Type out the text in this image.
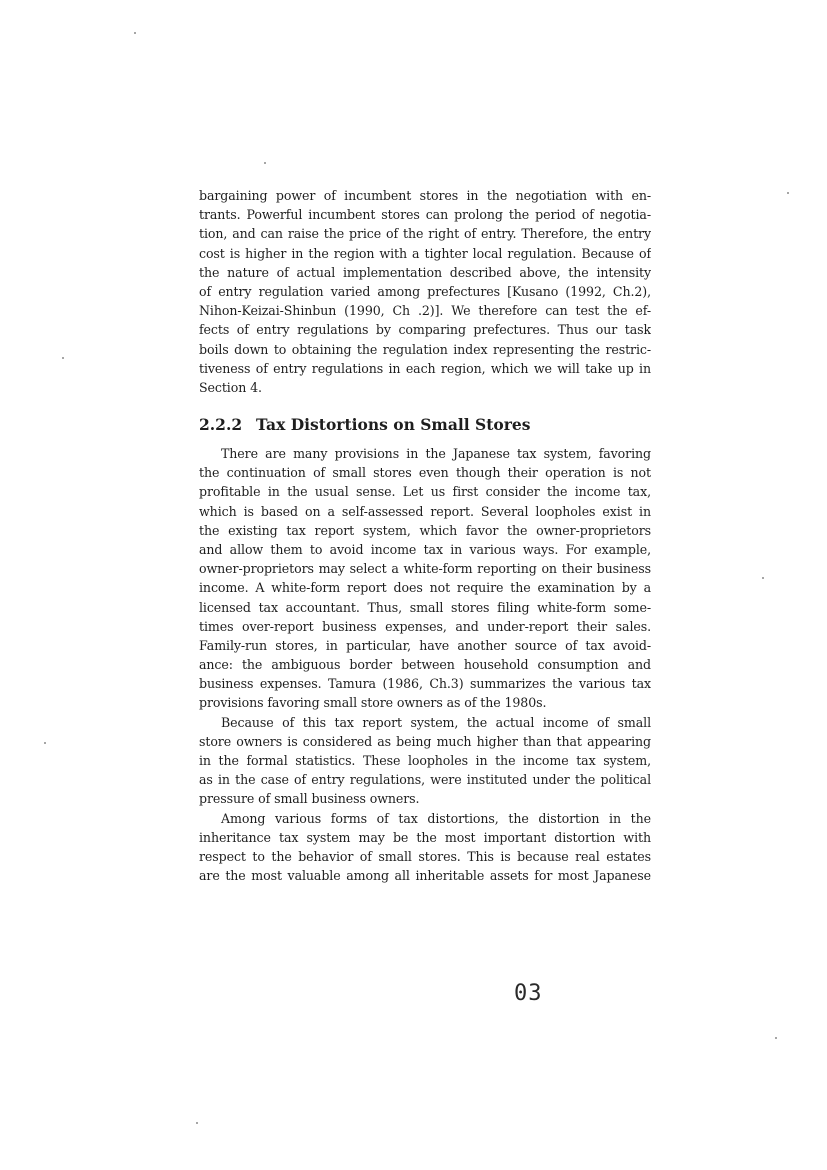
bargaining power of incumbent stores in the negotiation with en-
trants. Powerful incumbent stores can prolong the period of negotia-
tion, and can raise the price of the right of entry. Therefore, the entry
cost is higher in the region with a tighter local regulation. Because of
the nature of actual implementation described above, the intensity
of entry regulation varied among prefectures [Kusano (1992, Ch.2),
Nihon-Keizai-Shinbun (1990, Ch .2)]. We therefore can test the ef-
fects of entry regulations by comparing prefectures. Thus our task
boils down to obtaining the regulation index representing the restric-
tiveness of entry regulations in each region, which we will take up in
Section 4.
2.2.2 Tax Distortions on Small Stores
There are many provisions in the Japanese tax system, favoring
the continuation of small stores even though their operation is not
profitable in the usual sense. Let us first consider the income tax,
which is based on a self-assessed report. Several loopholes exist in
the existing tax report system, which favor the owner-proprietors
and allow them to avoid income tax in various ways. For example,
owner-proprietors may select a white-form reporting on their business
income. A white-form report does not require the examination by a
licensed tax accountant. Thus, small stores filing white-form some-
times over-report business expenses, and under-report their sales.
Family-run stores, in particular, have another source of tax avoid-
ance: the ambiguous border between household consumption and
business expenses. Tamura (1986, Ch.3) summarizes the various tax
provisions favoring small store owners as of the 1980s.
Because of this tax report system, the actual income of small
store owners is considered as being much higher than that appearing
in the formal statistics. These loopholes in the income tax system,
as in the case of entry regulations, were instituted under the political
pressure of small business owners.
Among various forms of tax distortions, the distortion in the
inheritance tax system may be the most important distortion with
respect to the behavior of small stores. This is because real estates
are the most valuable among all inheritable assets for most Japanese
03
